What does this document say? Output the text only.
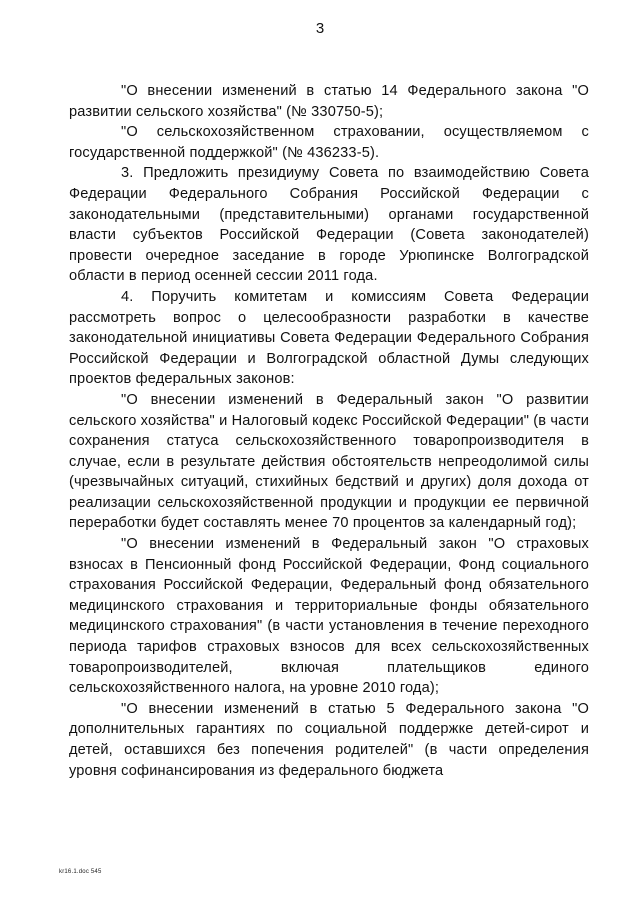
3

"О внесении изменений в статью 14 Федерального закона "О развитии сельского хозяйства" (№ 330750-5);

"О сельскохозяйственном страховании, осуществляемом с государственной поддержкой" (№ 436233-5).

3. Предложить президиуму Совета по взаимодействию Совета Федерации Федерального Собрания Российской Федерации с законодательными (представительными) органами государственной власти субъектов Российской Федерации (Совета законодателей) провести очередное заседание в городе Урюпинске Волгоградской области в период осенней сессии 2011 года.

4. Поручить комитетам и комиссиям Совета Федерации рассмотреть вопрос о целесообразности разработки в качестве законодательной инициативы Совета Федерации Федерального Собрания Российской Федерации и Волгоградской областной Думы следующих проектов федеральных законов:

"О внесении изменений в Федеральный закон "О развитии сельского хозяйства" и Налоговый кодекс Российской Федерации" (в части сохранения статуса сельскохозяйственного товаропроизводителя в случае, если в результате действия обстоятельств непреодолимой силы (чрезвычайных ситуаций, стихийных бедствий и других) доля дохода от реализации сельскохозяйственной продукции и продукции ее первичной переработки будет составлять менее 70 процентов за календарный год);

"О внесении изменений в Федеральный закон "О страховых взносах в Пенсионный фонд Российской Федерации, Фонд социального страхования Российской Федерации, Федеральный фонд обязательного медицинского страхования и территориальные фонды обязательного медицинского страхования" (в части установления в течение переходного периода тарифов страховых взносов для всех сельскохозяйственных товаропроизводителей, включая плательщиков единого сельскохозяйственного налога, на уровне 2010 года);

"О внесении изменений в статью 5 Федерального закона "О дополнительных гарантиях по социальной поддержке детей-сирот и детей, оставшихся без попечения родителей" (в части определения уровня софинансирования из федерального бюджета

kr16.1.doc 545
